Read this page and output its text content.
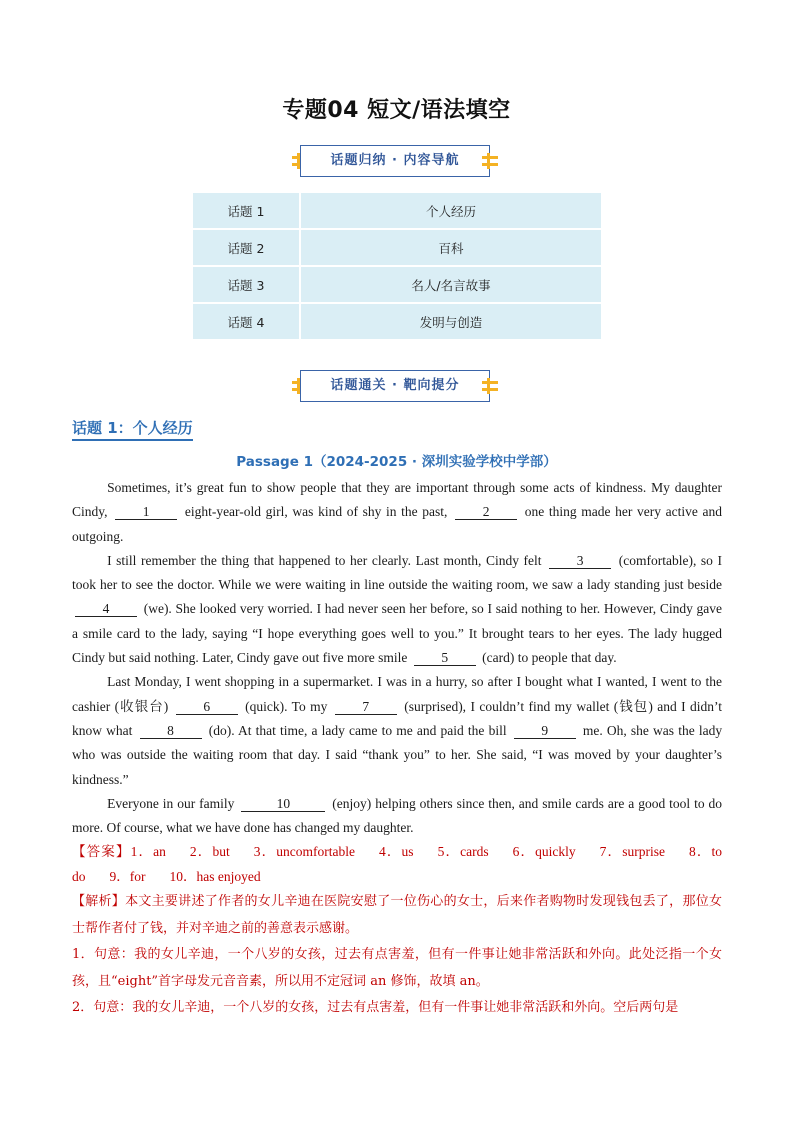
专题04 短文/语法填空
话题归纳 · 内容导航
话题 1	个人经历
话题 2	百科
话题 3	名人/名言故事
话题 4	发明与创造
话题通关 · 靶向提分
话题 1：个人经历
Passage 1（2024-2025 · 深圳实验学校中学部）

Sometimes, it’s great fun to show people that they are important through some acts of kindness. My daughter Cindy,	1	eight-year-old girl, was kind of shy in the past,	2	one thing made her very active and outgoing.

I still remember the thing that happened to her clearly. Last month, Cindy felt	3	(comfortable), so I took her to see the doctor. While we were waiting in line outside the waiting room, we saw a lady standing just beside 4	(we). She looked very worried. I had never seen her before, so I said nothing to her. However, Cindy gave a smile card to the lady, saying “I hope everything goes well to you.” It brought tears to her eyes. The lady hugged Cindy but said nothing. Later, Cindy gave out five more smile	5	(card) to people that day.

Last Monday, I went shopping in a supermarket. I was in a hurry, so after I bought what I wanted, I went to the cashier (收银台)	6	(quick). To my	7	(surprised), I couldn’t find my wallet (钱包) and I didn’t know what	8	(do). At that time, a lady came to me and paid the bill	9	me. Oh, she was the lady who was outside the waiting room that day. I said “thank you” to her. She said, “I was moved by your daughter’s kindness.”

Everyone in our family	10	(enjoy) helping others since then, and smile cards are a good tool to do more. Of course, what we have done has changed my daughter.

【答案】1．an 2．but 3．uncomfortable 4．us 5．cards 6．quickly 7．surprise 8．to do 9．for 10．has enjoyed

【解析】本文主要讲述了作者的女儿辛迪在医院安慰了一位伤心的女士，后来作者购物时发现钱包丢了，那位女士帮作者付了钱，并对辛迪之前的善意表示感谢。

1．句意：我的女儿辛迪，一个八岁的女孩，过去有点害羞，但有一件事让她非常活跃和外向。此处泛指一个女孩，且“eight”首字母发元音音素，所以用不定冠词 an 修饰，故填 an。

2．句意：我的女儿辛迪，一个八岁的女孩，过去有点害羞，但有一件事让她非常活跃和外向。空后两句是
